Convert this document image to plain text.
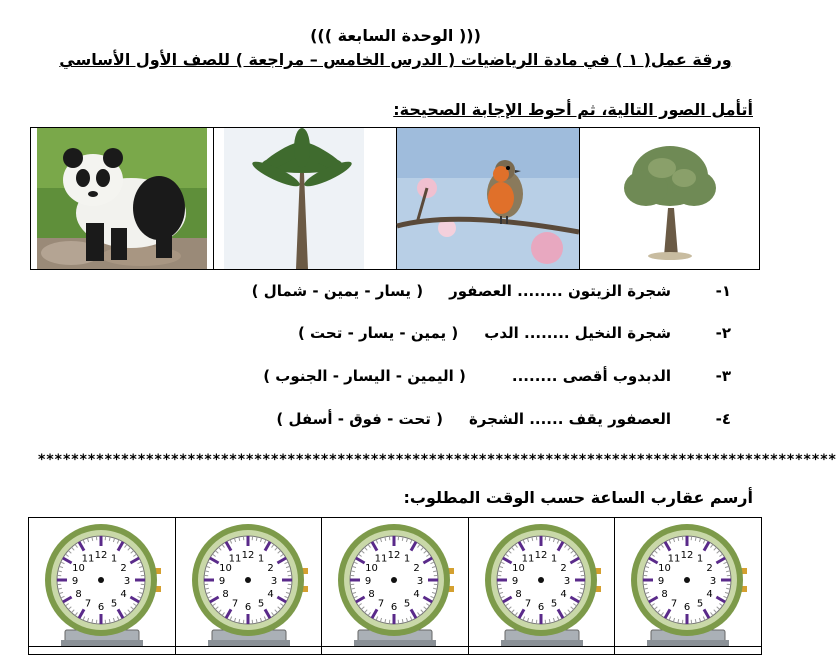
((( الوحدة السابعة )))
ورقة عمل( ١ ) في مادة الرياضيات ( الدرس الخامس – مراجعة ) للصف الأول الأساسي
أتأمل الصور التالية، ثم أحوط الإجابة الصحيحة:
١-
شجرة الزيتون ........ العصفور
( يسار - يمين - شمال )
٢-
شجرة النخيل ........ الدب
( يمين - يسار - تحت )
٣-
الدبدوب أقصى ........
( اليمين - اليسار - الجنوب )
٤-
العصفور يقف ...... الشجرة
( تحت - فوق - أسفل )
************************************************************************************************
أرسم عقارب الساعة حسب الوقت المطلوب:
12 1
2
3
4
5
6
7
8
9
10
11	12 1
2
3
4
5
6
7
8
9
10
11	12 1
2
3
4
5
6
7
8
9
10
11	12 1
2
3
4
5
6
7
8
9
10
11	12 1
2
3
4
5
6
7
8
9
10
11
